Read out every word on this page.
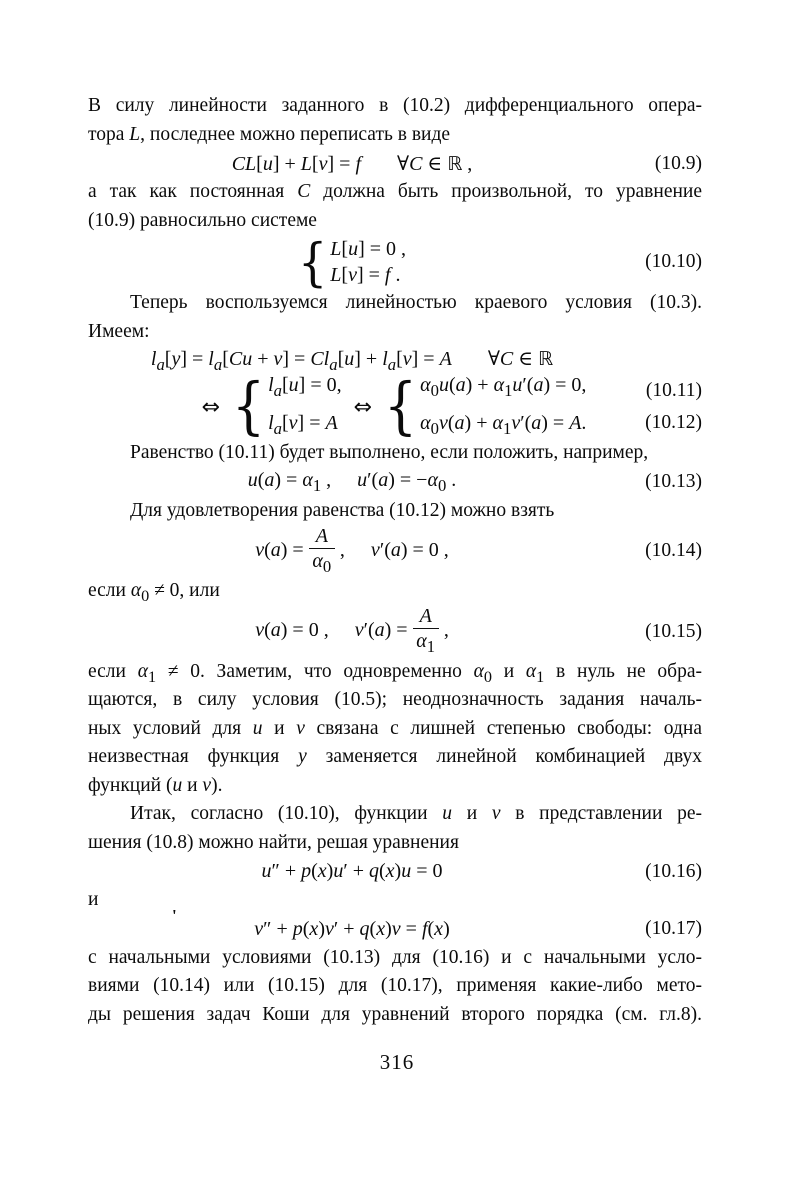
В силу линейности заданного в (10.2) дифференциального опера-
тора L, последнее можно переписать в виде

CL[u] + L[v] = f ∀C ∈ ℝ ,	(10.9)

а так как постоянная C должна быть произвольной, то уравнение
(10.9) равносильно системе

{ L[u] = 0 ,
L[v] = f .
(10.10)

Теперь воспользуемся линейностью краевого условия (10.3).
Имеем:

$l_a[y] = l_a[Cu + v] = Cl_a[u] + l_a[v] = A$ ∀C ∈ ℝ
⇔ { $l_a[u] = 0$,
$l_a[v] = A$
⇔ { $\alpha_0u(a) + \alpha_1u'(a) = 0$,
$\alpha_0v(a) + \alpha_1v'(a) = A$.
(10.11)
(10.12)

Равенство (10.11) будет выполнено, если положить, например,

$u(a) = \alpha_1$ , $u'(a) = -\alpha_0$ .	(10.13)

Для удовлетворения равенства (10.12) можно взять

$v(a) = \frac{A}{\alpha_0}$ , v′(a) = 0 ,	(10.14)

если $\alpha_0 \ne 0$, или

v(a) = 0 , $v'(a) = \frac{A}{\alpha_1}$ ,	(10.15)

если $\alpha_1 \ne 0$. Заметим, что одновременно $\alpha_0$ и $\alpha_1$ в нуль не обра-
щаются, в силу условия (10.5); неоднозначность задания началь-
ных условий для u и v связана с лишней степенью свободы: одна
неизвестная функция y заменяется линейной комбинацией двух
функций (u и v).

Итак, согласно (10.10), функции u и v в представлении ре-
шения (10.8) можно найти, решая уравнения

u″ + p(x)u′ + q(x)u = 0	(10.16)

и

v″ + p(x)v′ + q(x)v = f(x)	(10.17)

с начальными условиями (10.13) для (10.16) и с начальными усло-
виями (10.14) или (10.15) для (10.17), применяя какие-либо мето-
ды решения задач Коши для уравнений второго порядка (см. гл.8).

'
316
